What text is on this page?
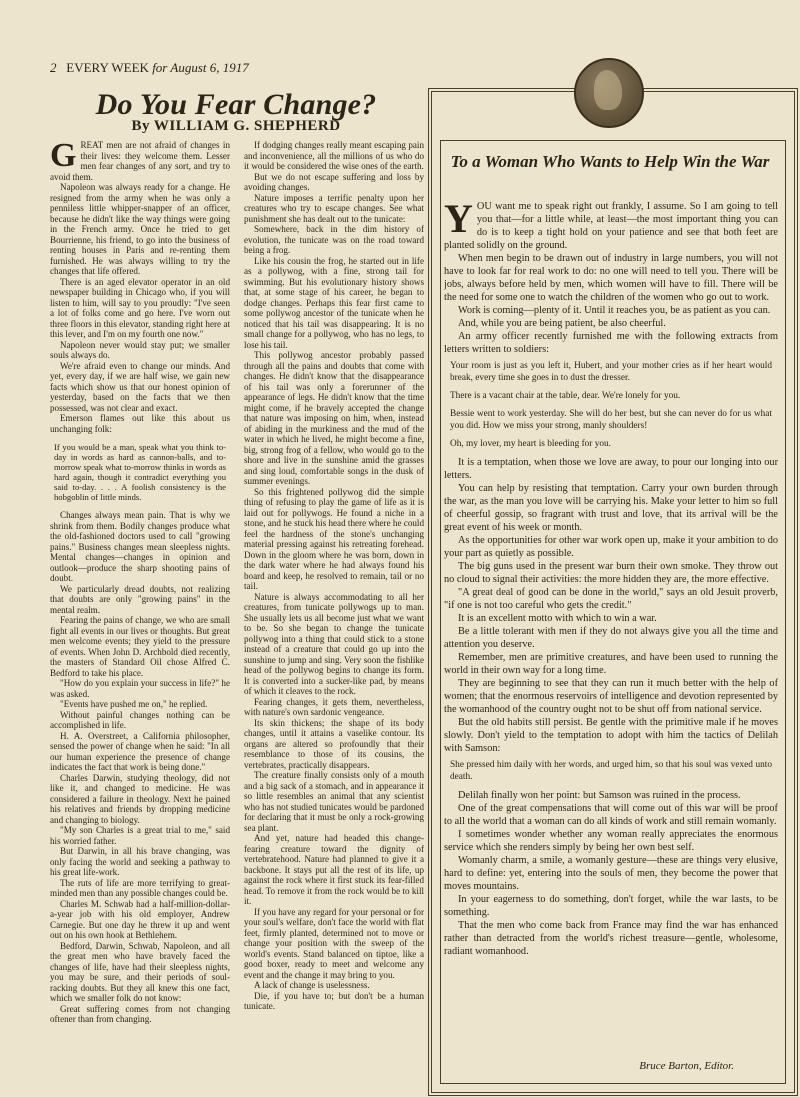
2 EVERY WEEK for August 6, 1917
Do You Fear Change?
By WILLIAM G. SHEPHERD

GREAT men are not afraid of changes in their lives: they welcome them. Lesser men fear changes of any sort, and try to avoid them.

Napoleon was always ready for a change. He resigned from the army when he was only a penniless little whipper-snapper of an officer, because he didn't like the way things were going in the French army. Once he tried to get Bourrienne, his friend, to go into the business of renting houses in Paris and re-renting them furnished. He was always willing to try the changes that life offered.

There is an aged elevator operator in an old newspaper building in Chicago who, if you will listen to him, will say to you proudly: "I've seen a lot of folks come and go here. I've worn out three floors in this elevator, standing right here at this lever, and I'm on my fourth one now."

Napoleon never would stay put; we smaller souls always do.

We're afraid even to change our minds. And yet, every day, if we are half wise, we gain new facts which show us that our honest opinion of yesterday, based on the facts that we then possessed, was not clear and exact.

Emerson flames out like this about us unchanging folk:

If you would be a man, speak what you think to-day in words as hard as cannon-balls, and to-morrow speak what to-morrow thinks in words as hard again, though it contradict everything you said to-day. . . . A foolish consistency is the hobgoblin of little minds.

Changes always mean pain. That is why we shrink from them. Bodily changes produce what the old-fashioned doctors used to call "growing pains." Business changes mean sleepless nights. Mental changes—changes in opinion and outlook—produce the sharp shooting pains of doubt.

We particularly dread doubts, not realizing that doubts are only "growing pains" in the mental realm.

Fearing the pains of change, we who are small fight all events in our lives or thoughts. But great men welcome events; they yield to the pressure of events. When John D. Archbold died recently, the masters of Standard Oil chose Alfred C. Bedford to take his place.

"How do you explain your success in life?" he was asked.

"Events have pushed me on," he replied.

Without painful changes nothing can be accomplished in life.

H. A. Overstreet, a California philosopher, sensed the power of change when he said: "In all our human experience the presence of change indicates the fact that work is being done."

Charles Darwin, studying theology, did not like it, and changed to medicine. He was considered a failure in theology. Next he pained his relatives and friends by dropping medicine and changing to biology.

"My son Charles is a great trial to me," said his worried father.

But Darwin, in all his brave changing, was only facing the world and seeking a pathway to his great life-work.

The ruts of life are more terrifying to great-minded men than any possible changes could be.

Charles M. Schwab had a half-million-dollar-a-year job with his old employer, Andrew Carnegie. But one day he threw it up and went out on his own hook at Bethlehem.

Bedford, Darwin, Schwab, Napoleon, and all the great men who have bravely faced the changes of life, have had their sleepless nights, you may be sure, and their periods of soul-racking doubts. But they all knew this one fact, which we smaller folk do not know:

Great suffering comes from not changing oftener than from changing.

If dodging changes really meant escaping pain and inconvenience, all the millions of us who do it would be considered the wise ones of the earth.

But we do not escape suffering and loss by avoiding changes.

Nature imposes a terrific penalty upon her creatures who try to escape changes. See what punishment she has dealt out to the tunicate:

Somewhere, back in the dim history of evolution, the tunicate was on the road toward being a frog.

Like his cousin the frog, he started out in life as a pollywog, with a fine, strong tail for swimming. But his evolutionary history shows that, at some stage of his career, he began to dodge changes. Perhaps this fear first came to some pollywog ancestor of the tunicate when he noticed that his tail was disappearing. It is no small change for a pollywog, who has no legs, to lose his tail.

This pollywog ancestor probably passed through all the pains and doubts that come with changes. He didn't know that the disappearance of his tail was only a forerunner of the appearance of legs. He didn't know that the time might come, if he bravely accepted the change that nature was imposing on him, when, instead of abiding in the murkiness and the mud of the water in which he lived, he might become a fine, big, strong frog of a fellow, who would go to the shore and live in the sunshine amid the grasses and sing loud, comfortable songs in the dusk of summer evenings.

So this frightened pollywog did the simple thing of refusing to play the game of life as it is laid out for pollywogs. He found a niche in a stone, and he stuck his head there where he could feel the hardness of the stone's unchanging material pressing against his retreating forehead. Down in the gloom where he was born, down in the dark water where he had always found his board and keep, he resolved to remain, tail or no tail.

Nature is always accommodating to all her creatures, from tunicate pollywogs up to man. She usually lets us all become just what we want to be. So she began to change the tunicate pollywog into a thing that could stick to a stone instead of a creature that could go up into the sunshine to jump and sing. Very soon the fishlike head of the pollywog begins to change its form. It is converted into a sucker-like pad, by means of which it cleaves to the rock.

Fearing changes, it gets them, nevertheless, with nature's own sardonic vengeance.

Its skin thickens; the shape of its body changes, until it attains a vaselike contour. Its organs are altered so profoundly that their resemblance to those of its cousins, the vertebrates, practically disappears.

The creature finally consists only of a mouth and a big sack of a stomach, and in appearance it so little resembles an animal that any scientist who has not studied tunicates would be pardoned for declaring that it must be only a rock-growing sea plant.

And yet, nature had headed this change-fearing creature toward the dignity of vertebratehood. Nature had planned to give it a backbone. It stays put all the rest of its life, up against the rock where it first stuck its fear-filled head. To remove it from the rock would be to kill it.

If you have any regard for your personal or for your soul's welfare, don't face the world with flat feet, firmly planted, determined not to move or change your position with the sweep of the world's events. Stand balanced on tiptoe, like a good boxer, ready to meet and welcome any event and the change it may bring to you.

A lack of change is uselessness.

Die, if you have to; but don't be a human tunicate.

To a Woman Who Wants to Help Win the War

YOU want me to speak right out frankly, I assume. So I am going to tell you that—for a little while, at least—the most important thing you can do is to keep a tight hold on your patience and see that both feet are planted solidly on the ground.

When men begin to be drawn out of industry in large numbers, you will not have to look far for real work to do: no one will need to tell you. There will be jobs, always before held by men, which women will have to fill. There will be the need for some one to watch the children of the women who go out to work.

Work is coming—plenty of it. Until it reaches you, be as patient as you can.

And, while you are being patient, be also cheerful.

An army officer recently furnished me with the following extracts from letters written to soldiers:

Your room is just as you left it, Hubert, and your mother cries as if her heart would break, every time she goes in to dust the dresser.

There is a vacant chair at the table, dear. We're lonely for you.

Bessie went to work yesterday. She will do her best, but she can never do for us what you did. How we miss your strong, manly shoulders!

Oh, my lover, my heart is bleeding for you.

It is a temptation, when those we love are away, to pour our longing into our letters.

You can help by resisting that temptation. Carry your own burden through the war, as the man you love will be carrying his. Make your letter to him so full of cheerful gossip, so fragrant with trust and love, that its arrival will be the great event of his week or month.

As the opportunities for other war work open up, make it your ambition to do your part as quietly as possible.

The big guns used in the present war burn their own smoke. They throw out no cloud to signal their activities: the more hidden they are, the more effective.

"A great deal of good can be done in the world," says an old Jesuit proverb, "if one is not too careful who gets the credit."

It is an excellent motto with which to win a war.

Be a little tolerant with men if they do not always give you all the time and attention you deserve.

Remember, men are primitive creatures, and have been used to running the world in their own way for a long time.

They are beginning to see that they can run it much better with the help of women; that the enormous reservoirs of intelligence and devotion represented by the womanhood of the country ought not to be shut off from national service.

But the old habits still persist. Be gentle with the primitive male if he moves slowly. Don't yield to the temptation to adopt with him the tactics of Delilah with Samson:

She pressed him daily with her words, and urged him, so that his soul was vexed unto death.

Delilah finally won her point: but Samson was ruined in the process.

One of the great compensations that will come out of this war will be proof to all the world that a woman can do all kinds of work and still remain womanly.

I sometimes wonder whether any woman really appreciates the enormous service which she renders simply by being her own best self.

Womanly charm, a smile, a womanly gesture—these are things very elusive, hard to define: yet, entering into the souls of men, they become the power that moves mountains.

In your eagerness to do something, don't forget, while the war lasts, to be something.

That the men who come back from France may find the war has enhanced rather than detracted from the world's richest treasure—gentle, wholesome, radiant womanhood.

Bruce Barton, Editor.
